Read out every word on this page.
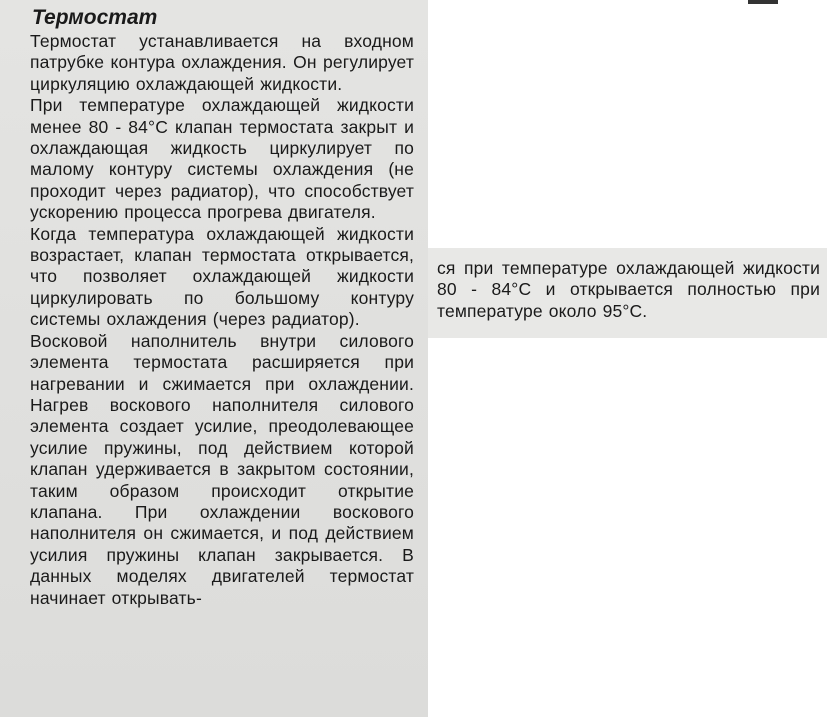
Термостат

Термостат устанавливается на входном патрубке контура охлаждения. Он регулирует циркуляцию охлаждающей жидкости.

При температуре охлаждающей жидкости менее 80 - 84°С клапан термостата закрыт и охлаждающая жидкость циркулирует по малому контуру системы охлаждения (не проходит через радиатор), что способствует ускорению процесса прогрева двигателя.

Когда температура охлаждающей жидкости возрастает, клапан термостата открывается, что позволяет охлаждающей жидкости циркулировать по большому контуру системы охлаждения (через радиатор).

Восковой наполнитель внутри силового элемента термостата расширяется при нагревании и сжимается при охлаждении. Нагрев воскового наполнителя силового элемента создает усилие, преодолевающее усилие пружины, под действием которой клапан удерживается в закрытом состоянии, таким образом происходит открытие клапана. При охлаждении воскового наполнителя он сжимается, и под действием усилия пружины клапан закрывается. В данных моделях двигателей термостат начинает открывать-

ся при температуре охлаждающей жидкости 80 - 84°С и открывается полностью при температуре около 95°С.
